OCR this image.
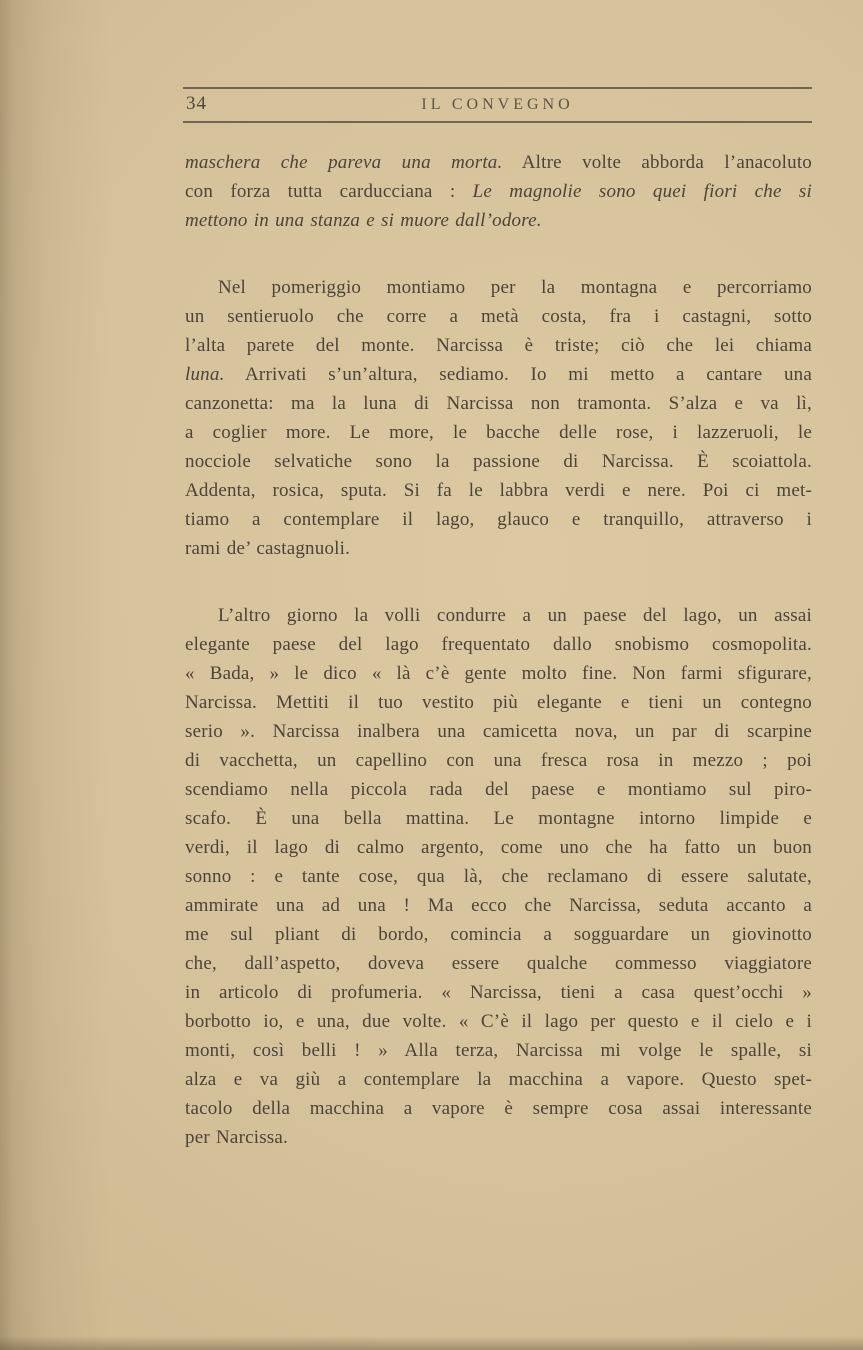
34	IL CONVEGNO
maschera che pareva una morta. Altre volte abborda l’anacoluto
con forza tutta carducciana : Le magnolie sono quei fiori che si
mettono in una stanza e si muore dall’odore.
Nel pomeriggio montiamo per la montagna e percorriamo
un sentieruolo che corre a metà costa, fra i castagni, sotto
l’alta parete del monte. Narcissa è triste; ciò che lei chiama
luna. Arrivati s’un’altura, sediamo. Io mi metto a cantare una
canzonetta: ma la luna di Narcissa non tramonta. S’alza e va lì,
a coglier more. Le more, le bacche delle rose, i lazzeruoli, le
nocciole selvatiche sono la passione di Narcissa. È scoiattola.
Addenta, rosica, sputa. Si fa le labbra verdi e nere. Poi ci met-
tiamo a contemplare il lago, glauco e tranquillo, attraverso i
rami de’ castagnuoli.
L’altro giorno la volli condurre a un paese del lago, un assai
elegante paese del lago frequentato dallo snobismo cosmopolita.
« Bada, » le dico « là c’è gente molto fine. Non farmi sfigurare,
Narcissa. Mettiti il tuo vestito più elegante e tieni un contegno
serio ». Narcissa inalbera una camicetta nova, un par di scarpine
di vacchetta, un capellino con una fresca rosa in mezzo ; poi
scendiamo nella piccola rada del paese e montiamo sul piro-
scafo. È una bella mattina. Le montagne intorno limpide e
verdi, il lago di calmo argento, come uno che ha fatto un buon
sonno : e tante cose, qua là, che reclamano di essere salutate,
ammirate una ad una ! Ma ecco che Narcissa, seduta accanto a
me sul pliant di bordo, comincia a sogguardare un giovinotto
che, dall’aspetto, doveva essere qualche commesso viaggiatore
in articolo di profumeria. « Narcissa, tieni a casa quest’occhi »
borbotto io, e una, due volte. « C’è il lago per questo e il cielo e i
monti, così belli ! » Alla terza, Narcissa mi volge le spalle, si
alza e va giù a contemplare la macchina a vapore. Questo spet-
tacolo della macchina a vapore è sempre cosa assai interessante
per Narcissa.
